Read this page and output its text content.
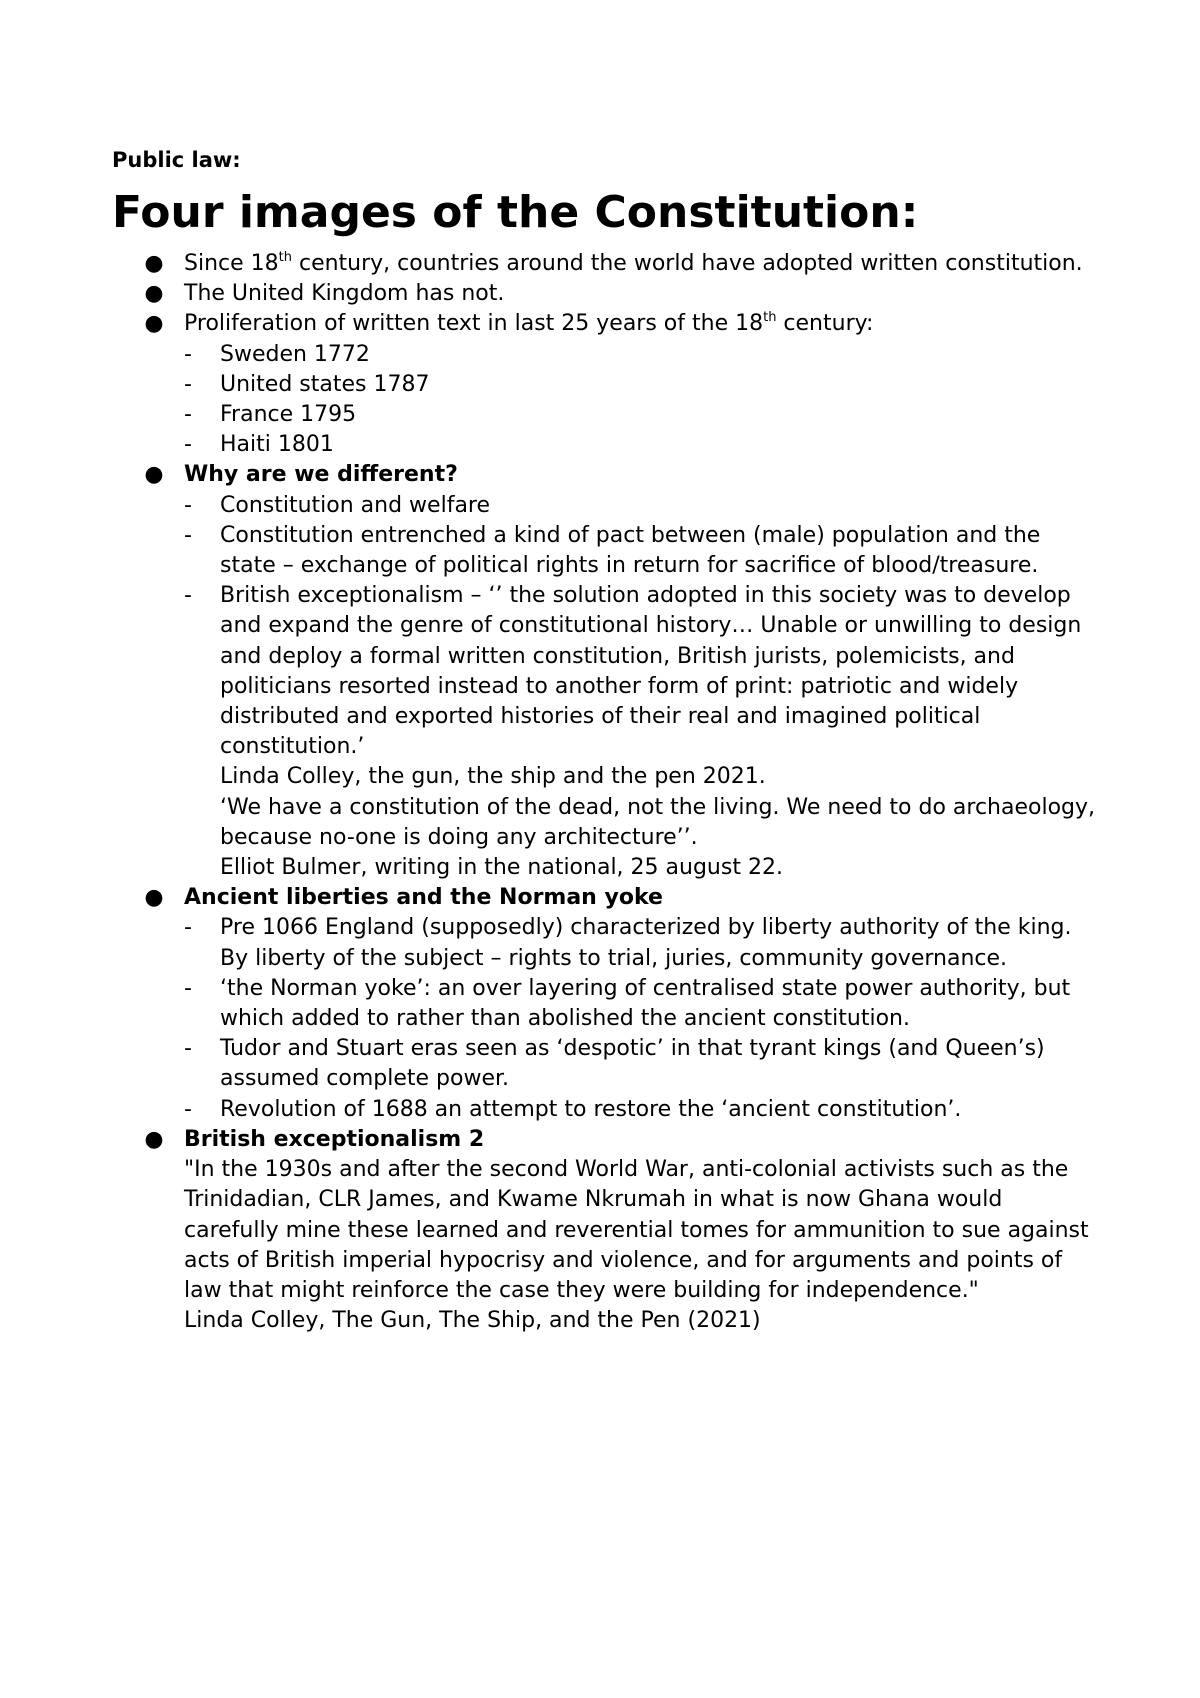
Public law:

Four images of the Constitution:
● Since 18th century, countries around the world have adopted written constitution.
● The United Kingdom has not.
● Proliferation of written text in last 25 years of the 18th century:
- Sweden 1772
- United states 1787
- France 1795
- Haiti 1801
● Why are we different?
- Constitution and welfare
- Constitution entrenched a kind of pact between (male) population and the state – exchange of political rights in return for sacrifice of blood/treasure.
- British exceptionalism – ‘’ the solution adopted in this society was to develop and expand the genre of constitutional history… Unable or unwilling to design and deploy a formal written constitution, British jurists, polemicists, and politicians resorted instead to another form of print: patriotic and widely distributed and exported histories of their real and imagined political constitution.’
Linda Colley, the gun, the ship and the pen 2021.
‘We have a constitution of the dead, not the living. We need to do archaeology, because no-one is doing any architecture’’.
Elliot Bulmer, writing in the national, 25 august 22.
● Ancient liberties and the Norman yoke
- Pre 1066 England (supposedly) characterized by liberty authority of the king. By liberty of the subject – rights to trial, juries, community governance.
- ‘the Norman yoke’: an over layering of centralised state power authority, but which added to rather than abolished the ancient constitution.
- Tudor and Stuart eras seen as ‘despotic’ in that tyrant kings (and Queen’s) assumed complete power.
- Revolution of 1688 an attempt to restore the ‘ancient constitution’.
● British exceptionalism 2
"In the 1930s and after the second World War, anti-colonial activists such as the Trinidadian, CLR James, and Kwame Nkrumah in what is now Ghana would carefully mine these learned and reverential tomes for ammunition to sue against acts of British imperial hypocrisy and violence, and for arguments and points of law that might reinforce the case they were building for independence."
Linda Colley, The Gun, The Ship, and the Pen (2021)
